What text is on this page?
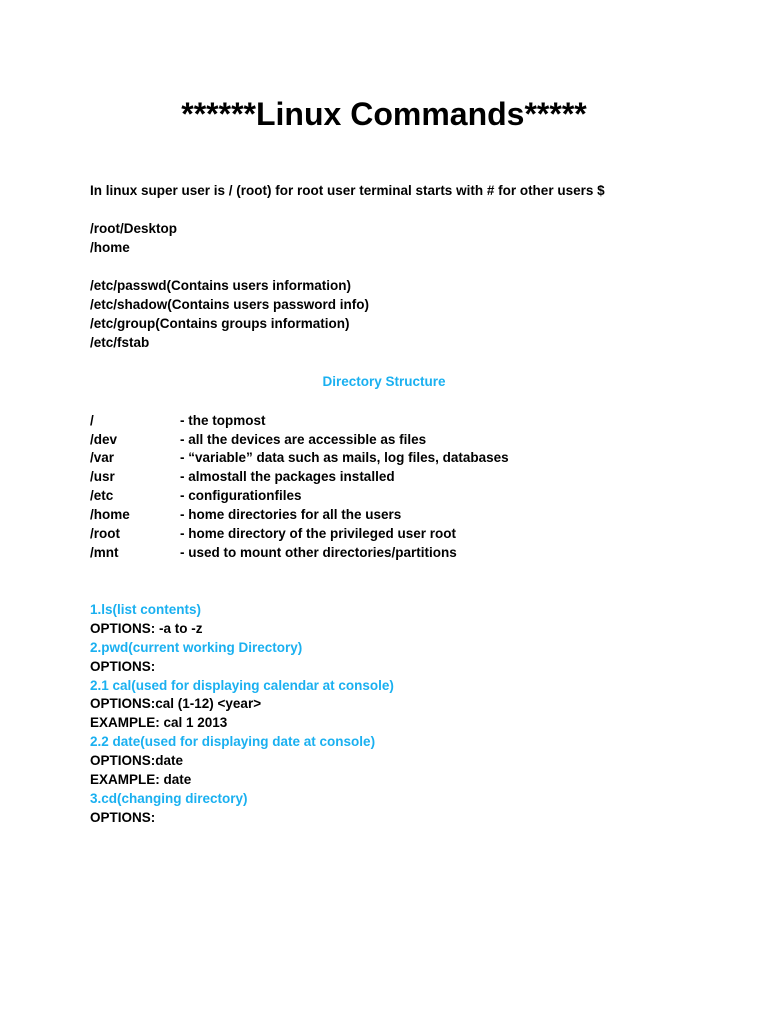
******Linux Commands*****
In linux super user is / (root) for root user terminal starts with # for other users $
/root/Desktop
/home
/etc/passwd(Contains users information)
/etc/shadow(Contains users password info)
/etc/group(Contains groups information)
/etc/fstab
Directory Structure
/	- the topmost
/dev	- all the devices are accessible as files
/var	- “variable” data such as mails, log files, databases
/usr	- almostall the packages installed
/etc	- configurationfiles
/home	- home directories for all the users
/root	- home directory of the privileged user root
/mnt	- used to mount other directories/partitions
1.ls(list contents)
OPTIONS: -a to -z
2.pwd(current working Directory)
OPTIONS:
2.1 cal(used for displaying calendar at console)
OPTIONS:cal (1-12) <year>
EXAMPLE: cal 1 2013
2.2 date(used for displaying date at console)
OPTIONS:date
EXAMPLE: date
3.cd(changing directory)
OPTIONS:
